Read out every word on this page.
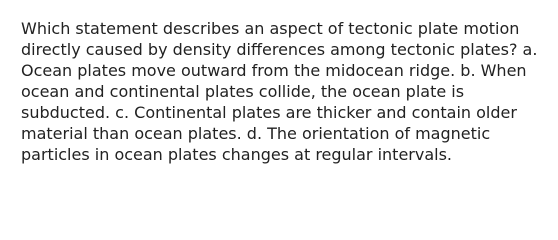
Which statement describes an aspect of tectonic plate motion
directly caused by density differences among tectonic plates? a.
Ocean plates move outward from the midocean ridge. b. When
ocean and continental plates collide, the ocean plate is
subducted. c. Continental plates are thicker and contain older
material than ocean plates. d. The orientation of magnetic
particles in ocean plates changes at regular intervals.
